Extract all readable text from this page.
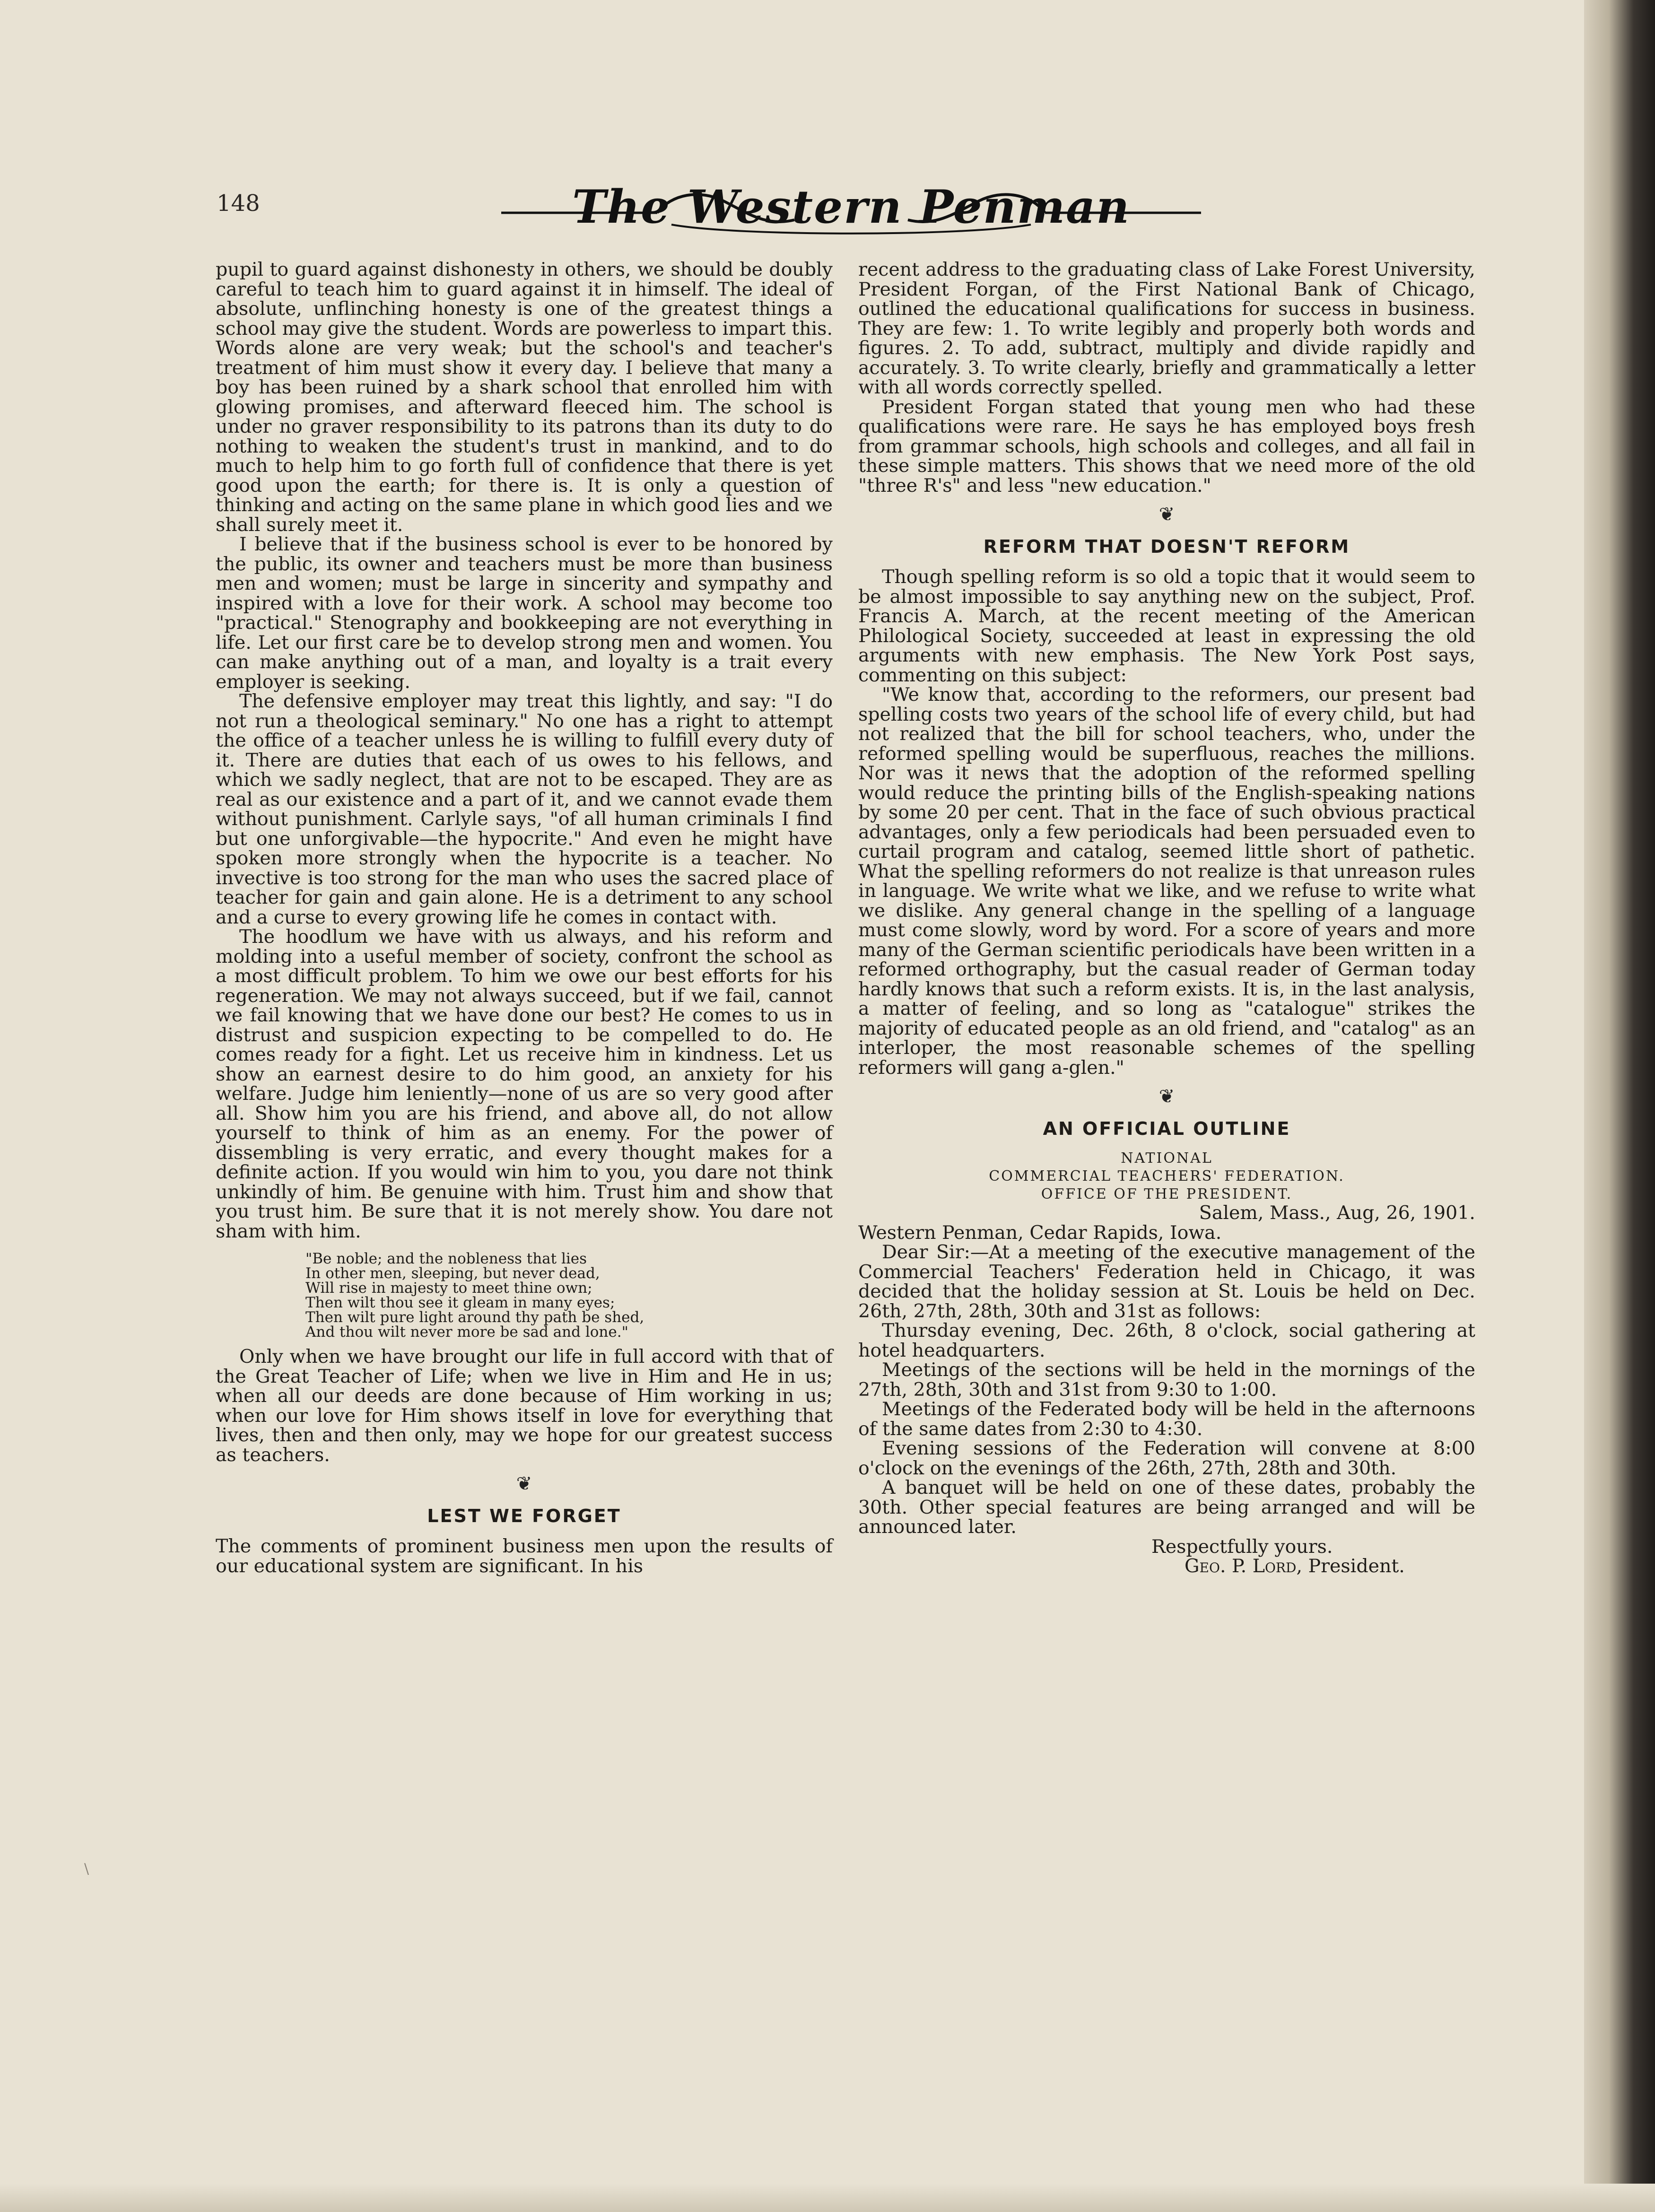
148	The Western Penman
\

pupil to guard against dishonesty in others, we should be doubly careful to teach him to guard against it in himself. The ideal of absolute, unflinching honesty is one of the greatest things a school may give the student. Words are powerless to impart this. Words alone are very weak; but the school's and teacher's treatment of him must show it every day. I believe that many a boy has been ruined by a shark school that enrolled him with glowing promises, and afterward fleeced him. The school is under no graver responsibility to its patrons than its duty to do nothing to weaken the student's trust in mankind, and to do much to help him to go forth full of confidence that there is yet good upon the earth; for there is. It is only a question of thinking and acting on the same plane in which good lies and we shall surely meet it.

I believe that if the business school is ever to be honored by the public, its owner and teachers must be more than business men and women; must be large in sincerity and sympathy and inspired with a love for their work. A school may become too "practical." Stenography and bookkeeping are not everything in life. Let our first care be to develop strong men and women. You can make anything out of a man, and loyalty is a trait every employer is seeking.

The defensive employer may treat this lightly, and say: "I do not run a theological seminary." No one has a right to attempt the office of a teacher unless he is willing to fulfill every duty of it. There are duties that each of us owes to his fellows, and which we sadly neglect, that are not to be escaped. They are as real as our existence and a part of it, and we cannot evade them without punishment. Carlyle says, "of all human criminals I find but one unforgivable—the hypocrite." And even he might have spoken more strongly when the hypocrite is a teacher. No invective is too strong for the man who uses the sacred place of teacher for gain and gain alone. He is a detriment to any school and a curse to every growing life he comes in contact with.

The hoodlum we have with us always, and his reform and molding into a useful member of society, confront the school as a most difficult problem. To him we owe our best efforts for his regeneration. We may not always succeed, but if we fail, cannot we fail knowing that we have done our best? He comes to us in distrust and suspicion expecting to be compelled to do. He comes ready for a fight. Let us receive him in kindness. Let us show an earnest desire to do him good, an anxiety for his welfare. Judge him leniently—none of us are so very good after all. Show him you are his friend, and above all, do not allow yourself to think of him as an enemy. For the power of dissembling is very erratic, and every thought makes for a definite action. If you would win him to you, you dare not think unkindly of him. Be genuine with him. Trust him and show that you trust him. Be sure that it is not merely show. You dare not sham with him.

"Be noble; and the nobleness that lies
In other men, sleeping, but never dead,
Will rise in majesty to meet thine own;
Then wilt thou see it gleam in many eyes;
Then wilt pure light around thy path be shed,
And thou wilt never more be sad and lone."

Only when we have brought our life in full accord with that of the Great Teacher of Life; when we live in Him and He in us; when all our deeds are done because of Him working in us; when our love for Him shows itself in love for everything that lives, then and then only, may we hope for our greatest success as teachers.

❦
LEST WE FORGET

The comments of prominent business men upon the results of our educational system are significant. In his

recent address to the graduating class of Lake Forest University, President Forgan, of the First National Bank of Chicago, outlined the educational qualifications for success in business. They are few: 1. To write legibly and properly both words and figures. 2. To add, subtract, multiply and divide rapidly and accurately. 3. To write clearly, briefly and grammatically a letter with all words correctly spelled.

President Forgan stated that young men who had these qualifications were rare. He says he has employed boys fresh from grammar schools, high schools and colleges, and all fail in these simple matters. This shows that we need more of the old "three R's" and less "new education."

❦
REFORM THAT DOESN'T REFORM

Though spelling reform is so old a topic that it would seem to be almost impossible to say anything new on the subject, Prof. Francis A. March, at the recent meeting of the American Philological Society, succeeded at least in expressing the old arguments with new emphasis. The New York Post says, commenting on this subject:

"We know that, according to the reformers, our present bad spelling costs two years of the school life of every child, but had not realized that the bill for school teachers, who, under the reformed spelling would be superfluous, reaches the millions. Nor was it news that the adoption of the reformed spelling would reduce the printing bills of the English-speaking nations by some 20 per cent. That in the face of such obvious practical advantages, only a few periodicals had been persuaded even to curtail program and catalog, seemed little short of pathetic. What the spelling reformers do not realize is that unreason rules in language. We write what we like, and we refuse to write what we dislike. Any general change in the spelling of a language must come slowly, word by word. For a score of years and more many of the German scientific periodicals have been written in a reformed orthography, but the casual reader of German today hardly knows that such a reform exists. It is, in the last analysis, a matter of feeling, and so long as "catalogue" strikes the majority of educated people as an old friend, and "catalog" as an interloper, the most reasonable schemes of the spelling reformers will gang a-glen."

❦
AN OFFICIAL OUTLINE
NATIONAL
COMMERCIAL TEACHERS' FEDERATION.
OFFICE OF THE PRESIDENT.

Salem, Mass., Aug, 26, 1901.

Western Penman, Cedar Rapids, Iowa.

Dear Sir:—At a meeting of the executive management of the Commercial Teachers' Federation held in Chicago, it was decided that the holiday session at St. Louis be held on Dec. 26th, 27th, 28th, 30th and 31st as follows:

Thursday evening, Dec. 26th, 8 o'clock, social gathering at hotel headquarters.

Meetings of the sections will be held in the mornings of the 27th, 28th, 30th and 31st from 9:30 to 1:00.

Meetings of the Federated body will be held in the afternoons of the same dates from 2:30 to 4:30.

Evening sessions of the Federation will convene at 8:00 o'clock on the evenings of the 26th, 27th, 28th and 30th.

A banquet will be held on one of these dates, probably the 30th. Other special features are being arranged and will be announced later.

Respectfully yours.

Geo. P. Lord, President.
